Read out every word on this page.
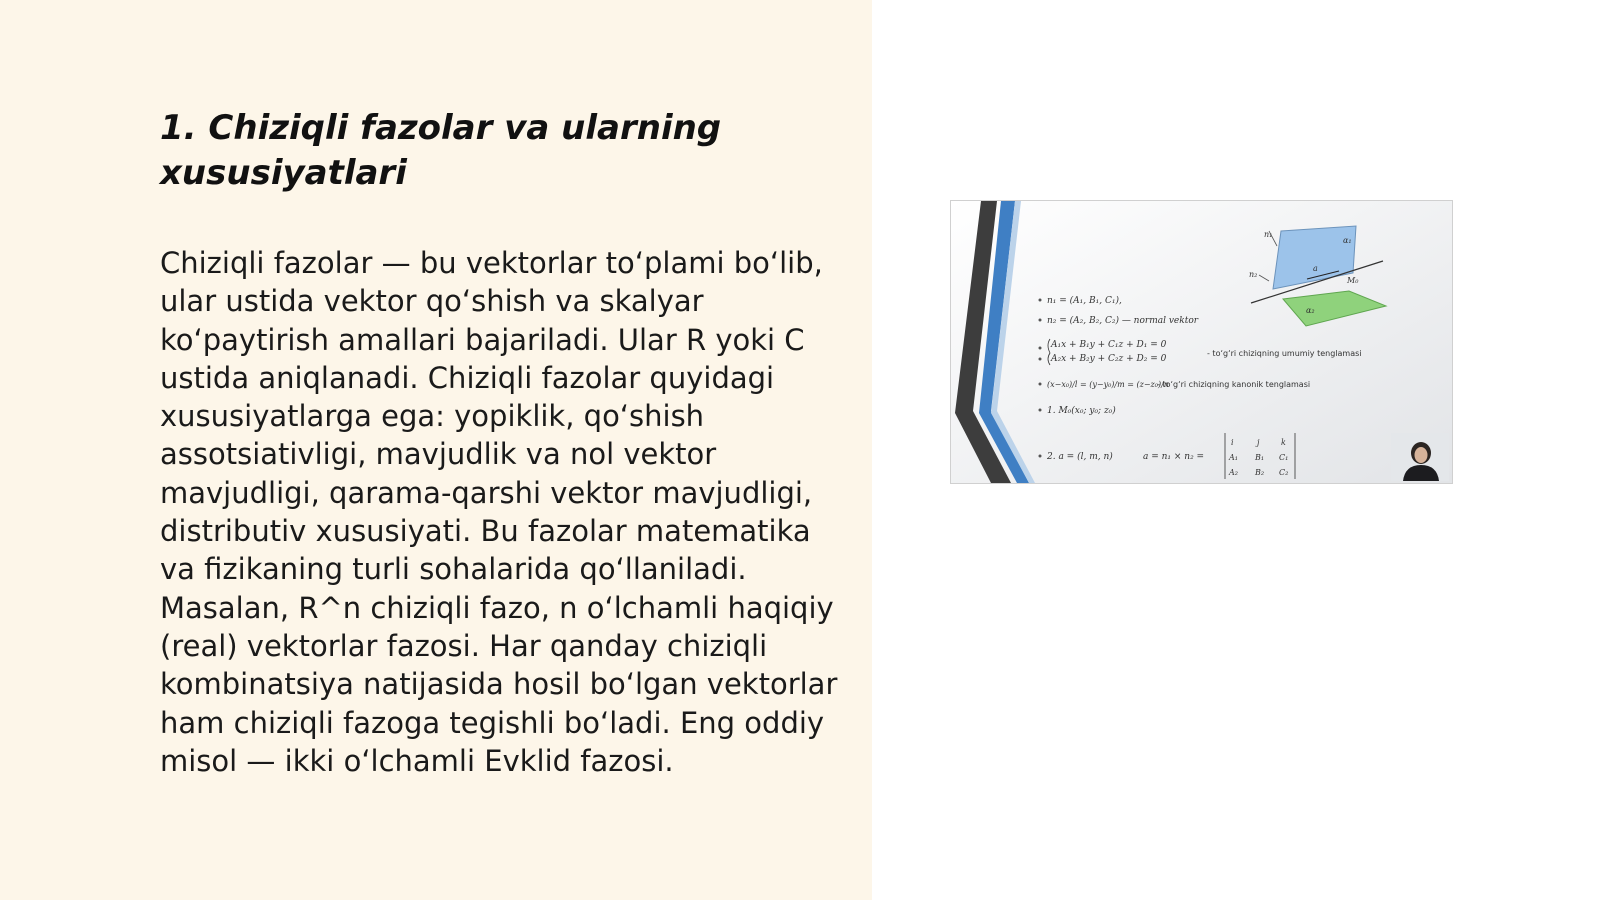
1. Chiziqli fazolar va ularning xususiyatlari

Chiziqli fazolar — bu vektorlar to‘plami bo‘lib, ular ustida vektor qo‘shish va skalyar ko‘paytirish amallari bajariladi. Ular R yoki C ustida aniqlanadi. Chiziqli fazolar quyidagi xususiyatlarga ega: yopiklik, qo‘shish assotsiativligi, mavjudlik va nol vektor mavjudligi, qarama-qarshi vektor mavjudligi, distributiv xususiyati. Bu fazolar matematika va fizikaning turli sohalarida qo‘llaniladi. Masalan, R^n chiziqli fazo, n o‘lchamli haqiqiy (real) vektorlar fazosi. Har qanday chiziqli kombinatsiya natijasida hosil bo‘lgan vektorlar ham chiziqli fazoga tegishli bo‘ladi. Eng oddiy misol — ikki o‘lchamli Evklid fazosi.

n₁
n₂
α₁
α₂
a
M₀
n₁ = (A₁, B₁, C₁),
n₂ = (A₂, B₂, C₂) — normal vektor
A₁x + B₁y + C₁z + D₁ = 0
A₂x + B₂y + C₂z + D₂ = 0
(x−x₀)/l = (y−y₀)/m = (z−z₀)/n
1. M₀(x₀; y₀; z₀)
2. a = (l, m, n)	a = n₁ × n₂ =
- to‘g‘ri chiziqning umumiy tenglamasi
- to‘g‘ri chiziqning kanonik tenglamasi
i	j	k
A₁ B₁ C₁
A₂ B₂ C₂
